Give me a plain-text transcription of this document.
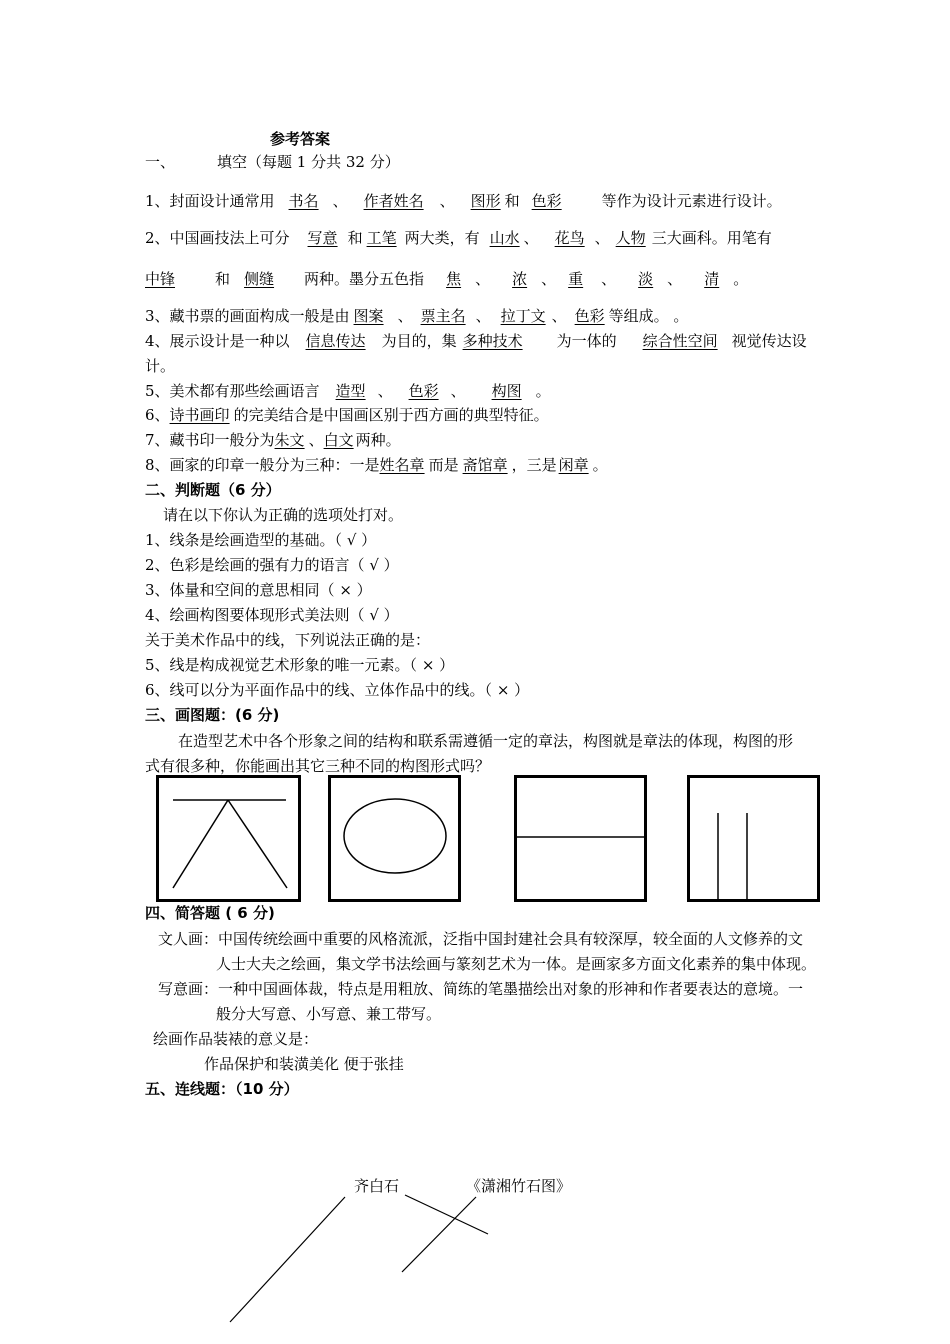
参考答案
一、	填空（每题 1 分共 32 分）
1、封面设计通常用 书名 、 作者姓名 、 图形 和 色彩	等作为设计元素进行设计。
2、中国画技法上可分 写意 和 工笔 两大类，有 山水 、 花鸟 、 人物 三大画科。用笔有
中锋	和 侧缝 两种。墨分五色指 焦 、 浓 、 重 、 淡 、 清 。
3、藏书票的画面构成一般是由 图案 、 票主名 、 拉丁文 、 色彩 等组成。 。
4、展示设计是一种以 信息传达 为目的，集 多种技术 为一体的 综合性空间 视觉传达设
计。
5、美术都有那些绘画语言 造型 、 色彩 、 构图 。
6、诗书画印 的完美结合是中国画区别于西方画的典型特征。
7、藏书印一般分为朱文 、白文 两种。
8、画家的印章一般分为三种：一是姓名章 而是 斋馆章 ，三是 闲章 。
二、判断题（6 分）
请在以下你认为正确的选项处打对。
1、线条是绘画造型的基础。（ √ ）
2、色彩是绘画的强有力的语言（ √ ）
3、体量和空间的意思相同（ × ）
4、绘画构图要体现形式美法则（ √ ）
关于美术作品中的线，下列说法正确的是：
5、线是构成视觉艺术形象的唯一元素。（ × ）
6、线可以分为平面作品中的线、立体作品中的线。（ × ）
三、画图题：(6 分)
在造型艺术中各个形象之间的结构和联系需遵循一定的章法，构图就是章法的体现，构图的形
式有很多种，你能画出其它三种不同的构图形式吗？
四、简答题 ( 6 分)
文人画：中国传统绘画中重要的风格流派，泛指中国封建社会具有较深厚，较全面的人文修养的文
人士大夫之绘画，集文学书法绘画与篆刻艺术为一体。是画家多方面文化素养的集中体现。
写意画：一种中国画体裁，特点是用粗放、简练的笔墨描绘出对象的形神和作者要表达的意境。一
般分大写意、小写意、兼工带写。
绘画作品装裱的意义是：
作品保护和装潢美化 便于张挂
五、连线题：（10 分）
齐白石	《潇湘竹石图》
